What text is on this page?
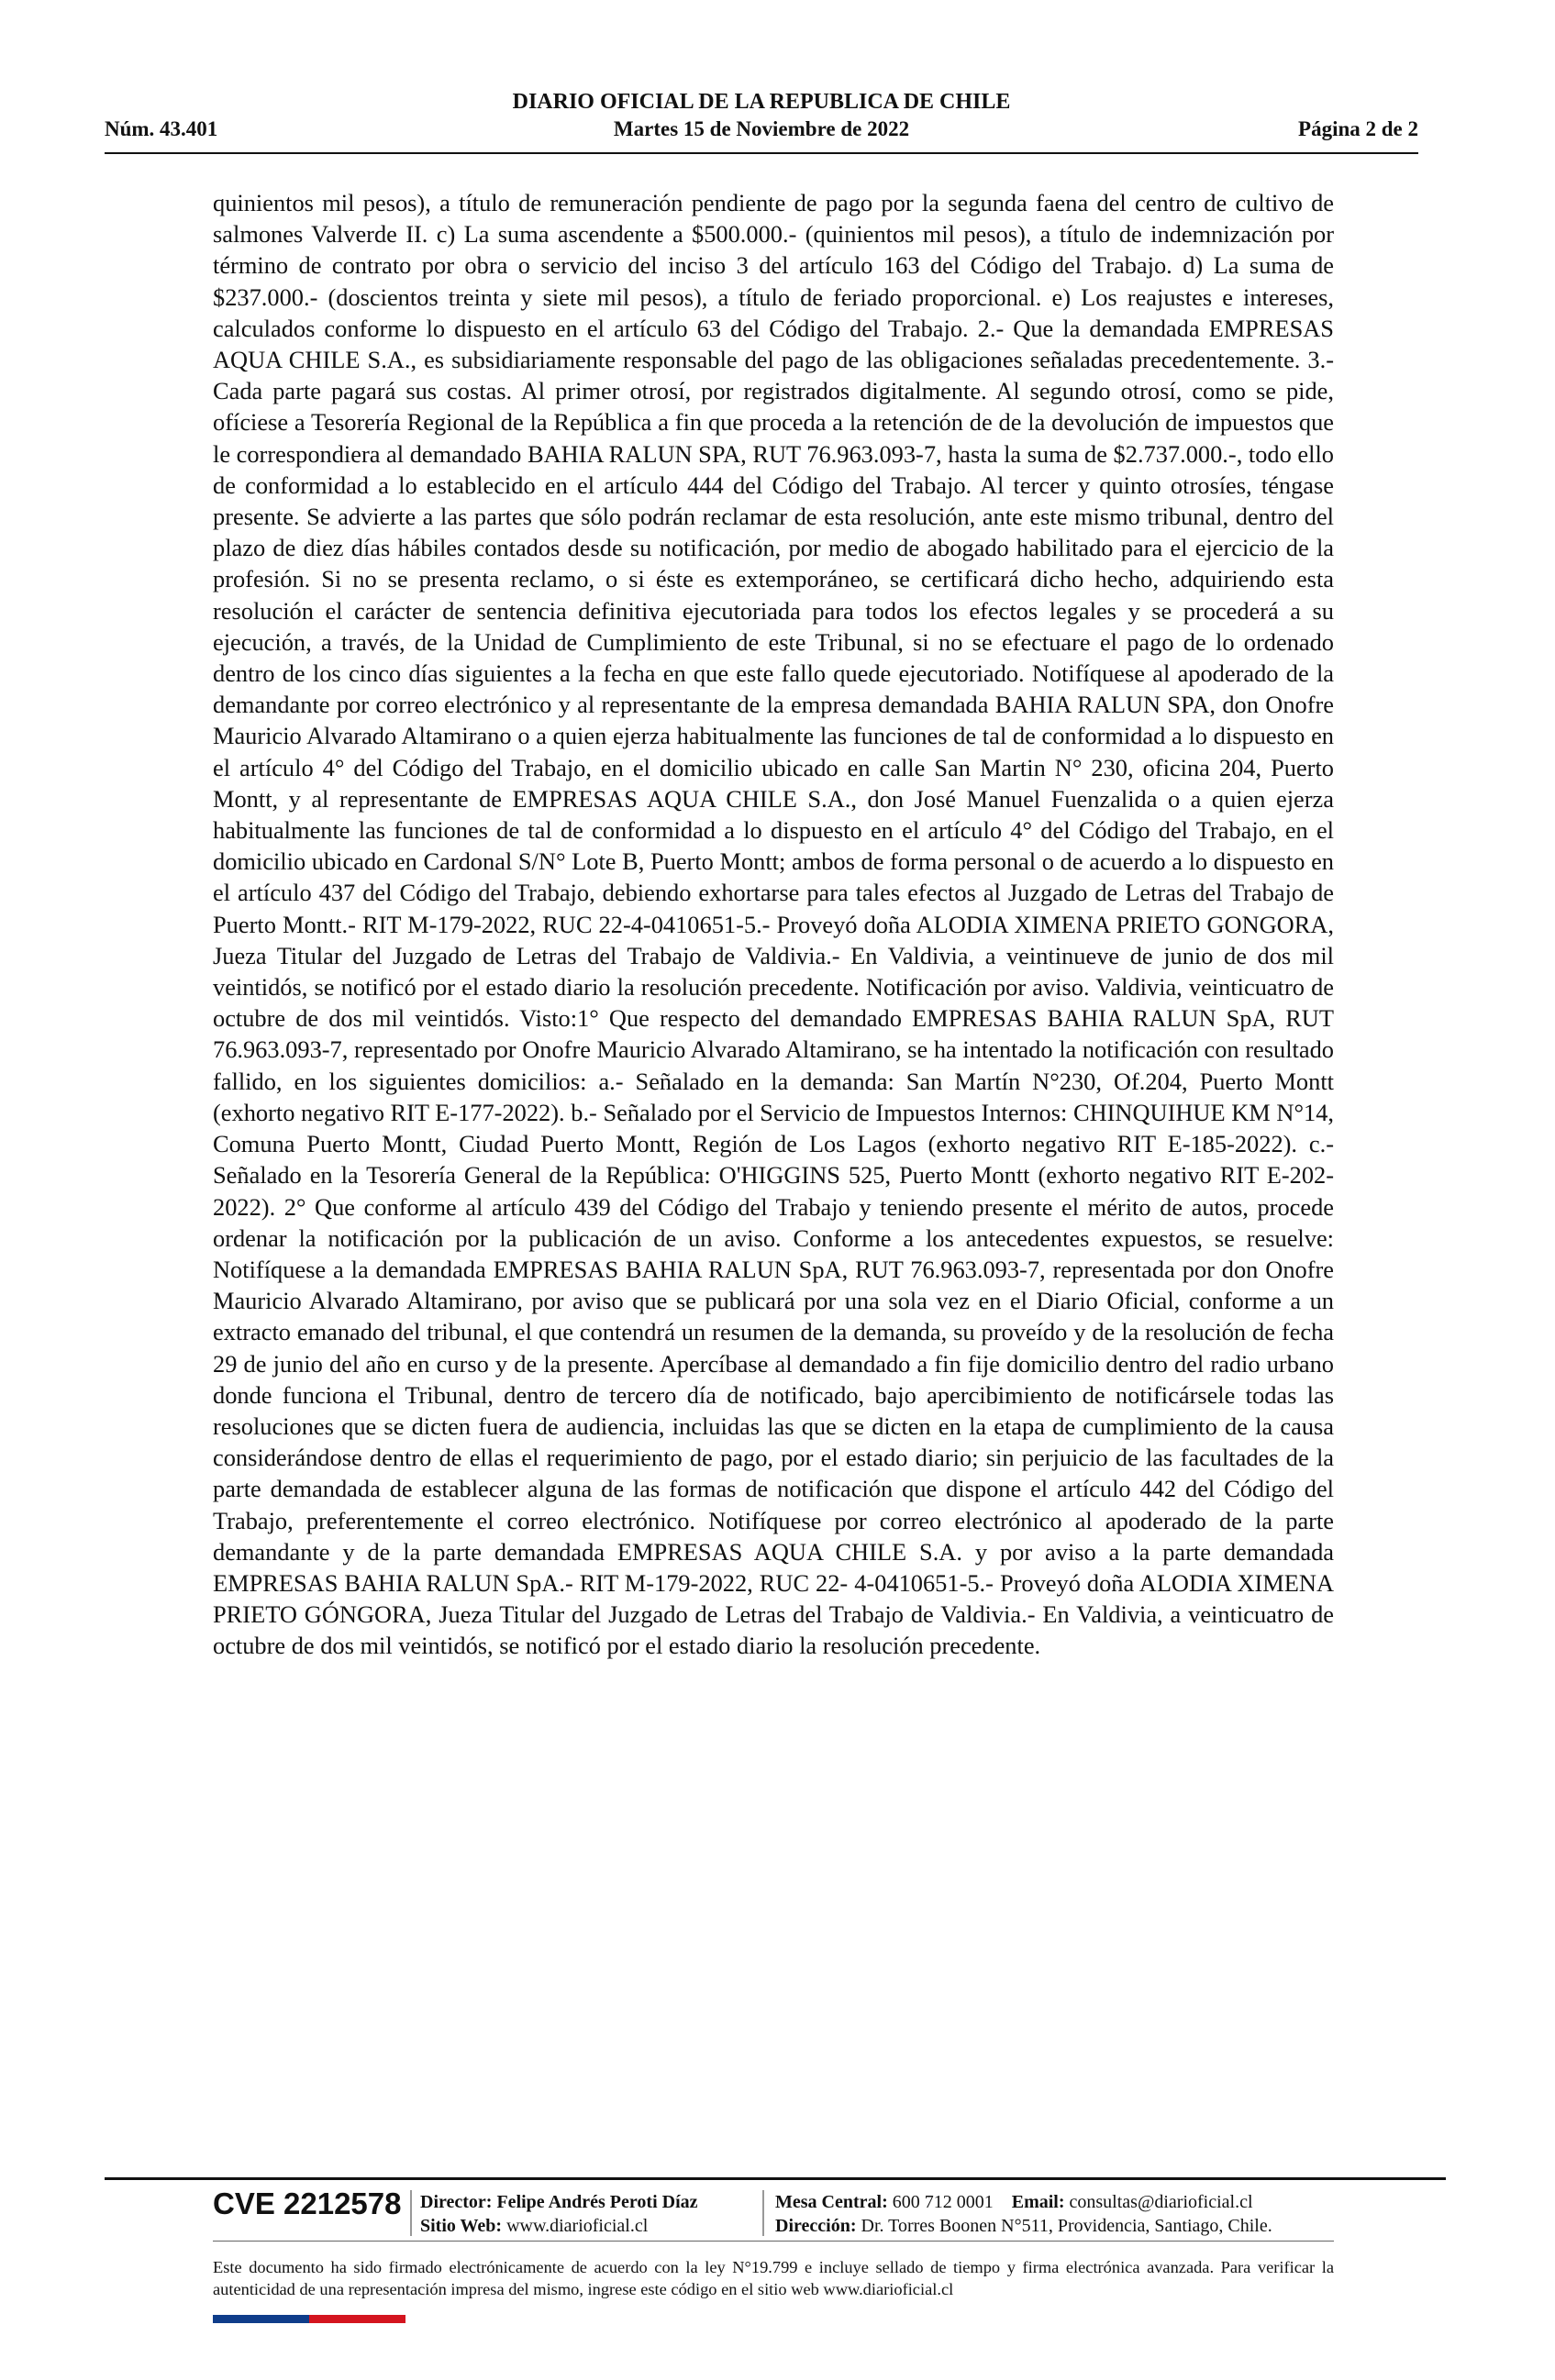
DIARIO OFICIAL DE LA REPUBLICA DE CHILE
Núm. 43.401	Martes 15 de Noviembre de 2022	Página 2 de 2

quinientos mil pesos), a título de remuneración pendiente de pago por la segunda faena del centro de cultivo de salmones Valverde II. c) La suma ascendente a $500.000.- (quinientos mil pesos), a título de indemnización por término de contrato por obra o servicio del inciso 3 del artículo 163 del Código del Trabajo. d) La suma de $237.000.- (doscientos treinta y siete mil pesos), a título de feriado proporcional. e) Los reajustes e intereses, calculados conforme lo dispuesto en el artículo 63 del Código del Trabajo. 2.- Que la demandada EMPRESAS AQUA CHILE S.A., es subsidiariamente responsable del pago de las obligaciones señaladas precedentemente. 3.- Cada parte pagará sus costas. Al primer otrosí, por registrados digitalmente. Al segundo otrosí, como se pide, ofíciese a Tesorería Regional de la República a fin que proceda a la retención de de la devolución de impuestos que le correspondiera al demandado BAHIA RALUN SPA, RUT 76.963.093-7, hasta la suma de $2.737.000.-, todo ello de conformidad a lo establecido en el artículo 444 del Código del Trabajo. Al tercer y quinto otrosíes, téngase presente. Se advierte a las partes que sólo podrán reclamar de esta resolución, ante este mismo tribunal, dentro del plazo de diez días hábiles contados desde su notificación, por medio de abogado habilitado para el ejercicio de la profesión. Si no se presenta reclamo, o si éste es extemporáneo, se certificará dicho hecho, adquiriendo esta resolución el carácter de sentencia definitiva ejecutoriada para todos los efectos legales y se procederá a su ejecución, a través, de la Unidad de Cumplimiento de este Tribunal, si no se efectuare el pago de lo ordenado dentro de los cinco días siguientes a la fecha en que este fallo quede ejecutoriado. Notifíquese al apoderado de la demandante por correo electrónico y al representante de la empresa demandada BAHIA RALUN SPA, don Onofre Mauricio Alvarado Altamirano o a quien ejerza habitualmente las funciones de tal de conformidad a lo dispuesto en el artículo 4° del Código del Trabajo, en el domicilio ubicado en calle San Martin N° 230, oficina 204, Puerto Montt, y al representante de EMPRESAS AQUA CHILE S.A., don José Manuel Fuenzalida o a quien ejerza habitualmente las funciones de tal de conformidad a lo dispuesto en el artículo 4° del Código del Trabajo, en el domicilio ubicado en Cardonal S/N° Lote B, Puerto Montt; ambos de forma personal o de acuerdo a lo dispuesto en el artículo 437 del Código del Trabajo, debiendo exhortarse para tales efectos al Juzgado de Letras del Trabajo de Puerto Montt.- RIT M-179-2022, RUC 22-4-0410651-5.- Proveyó doña ALODIA XIMENA PRIETO GONGORA, Jueza Titular del Juzgado de Letras del Trabajo de Valdivia.- En Valdivia, a veintinueve de junio de dos mil veintidós, se notificó por el estado diario la resolución precedente. Notificación por aviso. Valdivia, veinticuatro de octubre de dos mil veintidós. Visto:1° Que respecto del demandado EMPRESAS BAHIA RALUN SpA, RUT 76.963.093-7, representado por Onofre Mauricio Alvarado Altamirano, se ha intentado la notificación con resultado fallido, en los siguientes domicilios: a.- Señalado en la demanda: San Martín N°230, Of.204, Puerto Montt (exhorto negativo RIT E-177-2022). b.- Señalado por el Servicio de Impuestos Internos: CHINQUIHUE KM N°14, Comuna Puerto Montt, Ciudad Puerto Montt, Región de Los Lagos (exhorto negativo RIT E-185-2022). c.- Señalado en la Tesorería General de la República: O'HIGGINS 525, Puerto Montt (exhorto negativo RIT E-202-2022). 2° Que conforme al artículo 439 del Código del Trabajo y teniendo presente el mérito de autos, procede ordenar la notificación por la publicación de un aviso. Conforme a los antecedentes expuestos, se resuelve: Notifíquese a la demandada EMPRESAS BAHIA RALUN SpA, RUT 76.963.093-7, representada por don Onofre Mauricio Alvarado Altamirano, por aviso que se publicará por una sola vez en el Diario Oficial, conforme a un extracto emanado del tribunal, el que contendrá un resumen de la demanda, su proveído y de la resolución de fecha 29 de junio del año en curso y de la presente. Apercíbase al demandado a fin fije domicilio dentro del radio urbano donde funciona el Tribunal, dentro de tercero día de notificado, bajo apercibimiento de notificársele todas las resoluciones que se dicten fuera de audiencia, incluidas las que se dicten en la etapa de cumplimiento de la causa considerándose dentro de ellas el requerimiento de pago, por el estado diario; sin perjuicio de las facultades de la parte demandada de establecer alguna de las formas de notificación que dispone el artículo 442 del Código del Trabajo, preferentemente el correo electrónico. Notifíquese por correo electrónico al apoderado de la parte demandante y de la parte demandada EMPRESAS AQUA CHILE S.A. y por aviso a la parte demandada EMPRESAS BAHIA RALUN SpA.- RIT M-179-2022, RUC 22- 4-0410651-5.- Proveyó doña ALODIA XIMENA PRIETO GÓNGORA, Jueza Titular del Juzgado de Letras del Trabajo de Valdivia.- En Valdivia, a veinticuatro de octubre de dos mil veintidós, se notificó por el estado diario la resolución precedente.

CVE 2212578 Director: Felipe Andrés Peroti Díaz
Sitio Web: www.diarioficial.cl
Mesa Central: 600 712 0001 Email: consultas@diarioficial.cl
Dirección: Dr. Torres Boonen N°511, Providencia, Santiago, Chile.

Este documento ha sido firmado electrónicamente de acuerdo con la ley N°19.799 e incluye sellado de tiempo y firma electrónica avanzada. Para verificar la autenticidad de una representación impresa del mismo, ingrese este código en el sitio web www.diarioficial.cl
